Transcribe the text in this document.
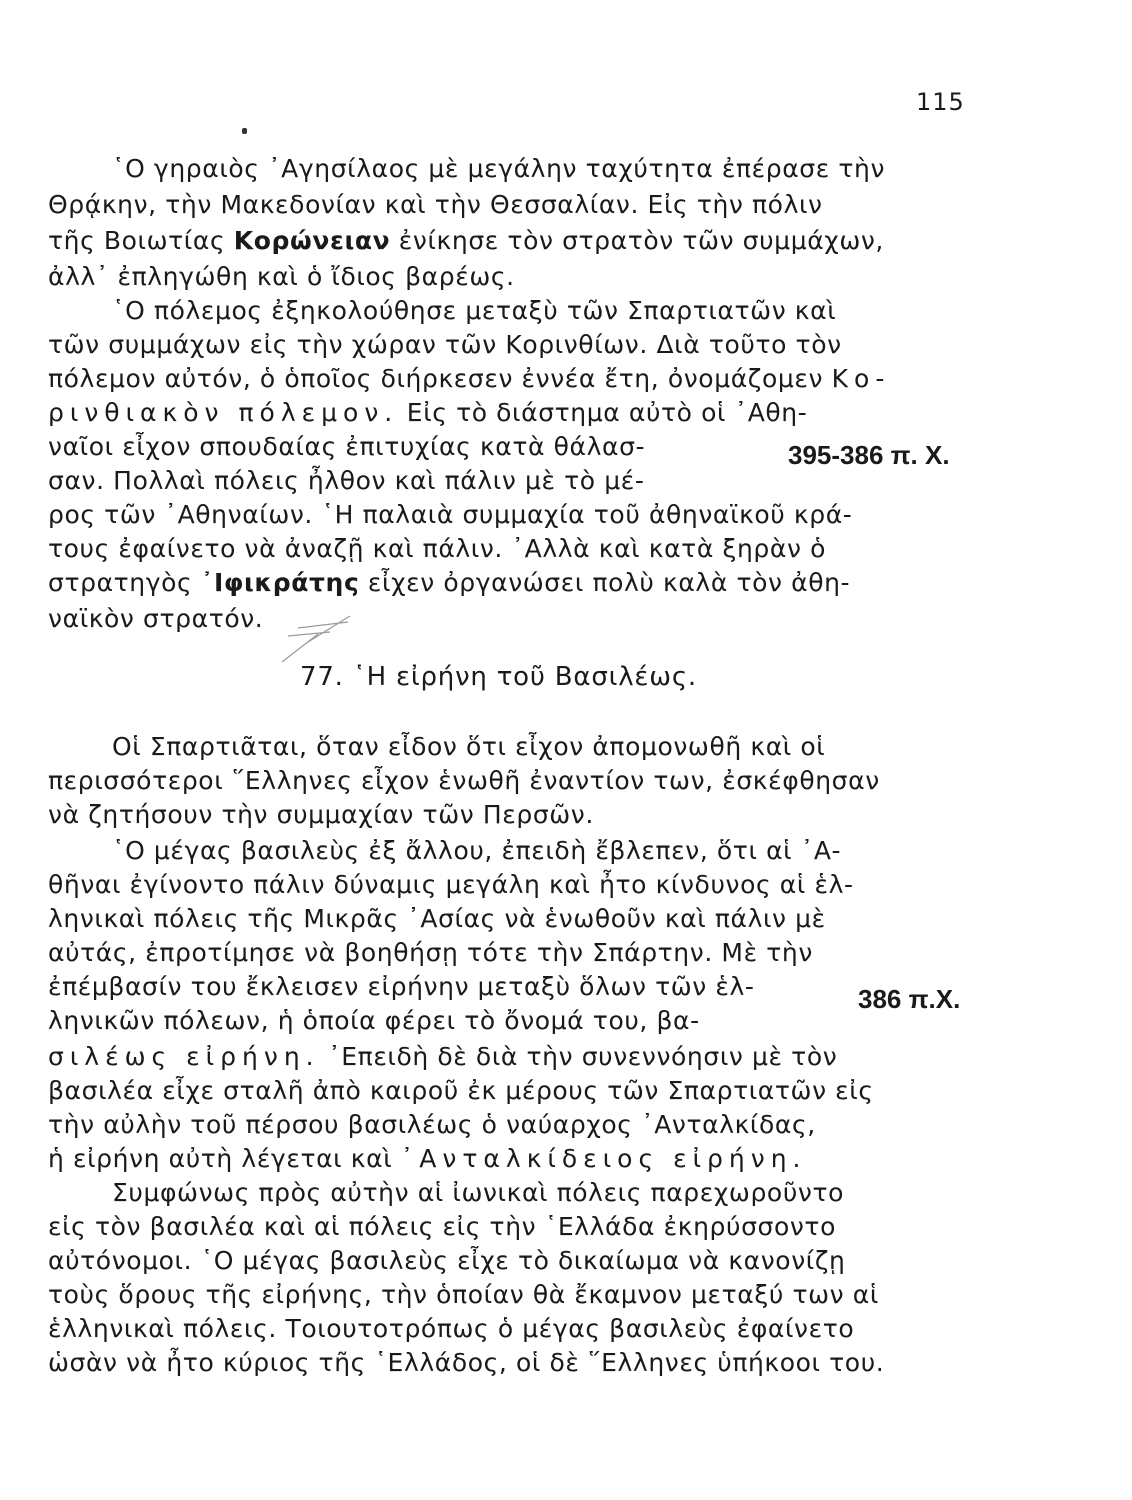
115
῾Ο γηραιὸς ᾿Αγησίλαος μὲ μεγάλην ταχύτητα ἐπέρασε τὴν
Θρᾴκην, τὴν Μακεδονίαν καὶ τὴν Θεσσαλίαν. Εἰς τὴν πόλιν
τῆς Βοιωτίας Κορώνειαν ἐνίκησε τὸν στρατὸν τῶν συμμάχων,
ἀλλ᾿ ἐπληγώθη καὶ ὁ ἴδιος βαρέως.
῾Ο πόλεμος ἐξηκολούθησε μεταξὺ τῶν Σπαρτιατῶν καὶ
τῶν συμμάχων εἰς τὴν χώραν τῶν Κορινθίων. Διὰ τοῦτο τὸν
πόλεμον αὐτόν, ὁ ὁποῖος διήρκεσεν ἐννέα ἔτη, ὀνομάζομεν Κο-
ρινθιακὸν πόλεμον. Εἰς τὸ διάστημα αὐτὸ οἱ ᾿Αθη-
ναῖοι εἶχον σπουδαίας ἐπιτυχίας κατὰ θάλασ-
σαν. Πολλαὶ πόλεις ἦλθον καὶ πάλιν μὲ τὸ μέ-
ρος τῶν ᾿Αθηναίων. ῾Η παλαιὰ συμμαχία τοῦ ἀθηναϊκοῦ κρά-
τους ἐφαίνετο νὰ ἀναζῇ καὶ πάλιν. ᾿Αλλὰ καὶ κατὰ ξηρὰν ὁ
στρατηγὸς ᾿Ιφικράτης εἶχεν ὀργανώσει πολὺ καλὰ τὸν ἀθη-
ναϊκὸν στρατόν.
395-386 π. Χ.
77. ῾Η εἰρήνη τοῦ Βασιλέως.
Οἱ Σπαρτιᾶται, ὅταν εἶδον ὅτι εἶχον ἀπομονωθῆ καὶ οἱ
περισσότεροι ῞Ελληνες εἶχον ἑνωθῆ ἐναντίον των, ἐσκέφθησαν
νὰ ζητήσουν τὴν συμμαχίαν τῶν Περσῶν.
῾Ο μέγας βασιλεὺς ἐξ ἄλλου, ἐπειδὴ ἔβλεπεν, ὅτι αἱ ᾿Α-
θῆναι ἐγίνοντο πάλιν δύναμις μεγάλη καὶ ἦτο κίνδυνος αἱ ἑλ-
ληνικαὶ πόλεις τῆς Μικρᾶς ᾿Ασίας νὰ ἑνωθοῦν καὶ πάλιν μὲ
αὐτάς, ἐπροτίμησε νὰ βοηθήσῃ τότε τὴν Σπάρτην. Μὲ τὴν
ἐπέμβασίν του ἔκλεισεν εἰρήνην μεταξὺ ὅλων τῶν ἑλ-
ληνικῶν πόλεων, ἡ ὁποία φέρει τὸ ὄνομά του, βα-
σιλέως εἰρήνη. ᾿Επειδὴ δὲ διὰ τὴν συνεννόησιν μὲ τὸν
βασιλέα εἶχε σταλῆ ἀπὸ καιροῦ ἐκ μέρους τῶν Σπαρτιατῶν εἰς
τὴν αὐλὴν τοῦ πέρσου βασιλέως ὁ ναύαρχος ᾿Ανταλκίδας,
ἡ εἰρήνη αὐτὴ λέγεται καὶ ᾿Ανταλκίδειος εἰρήνη.
Συμφώνως πρὸς αὐτὴν αἱ ἰωνικαὶ πόλεις παρεχωροῦντο
εἰς τὸν βασιλέα καὶ αἱ πόλεις εἰς τὴν ῾Ελλάδα ἐκηρύσσοντο
αὐτόνομοι. ῾Ο μέγας βασιλεὺς εἶχε τὸ δικαίωμα νὰ κανονίζῃ
τοὺς ὅρους τῆς εἰρήνης, τὴν ὁποίαν θὰ ἔκαμνον μεταξύ των αἱ
ἑλληνικαὶ πόλεις. Τοιουτοτρόπως ὁ μέγας βασιλεὺς ἐφαίνετο
ὡσὰν νὰ ἦτο κύριος τῆς ῾Ελλάδος, οἱ δὲ ῞Ελληνες ὑπήκοοι του.
386 π.Χ.
